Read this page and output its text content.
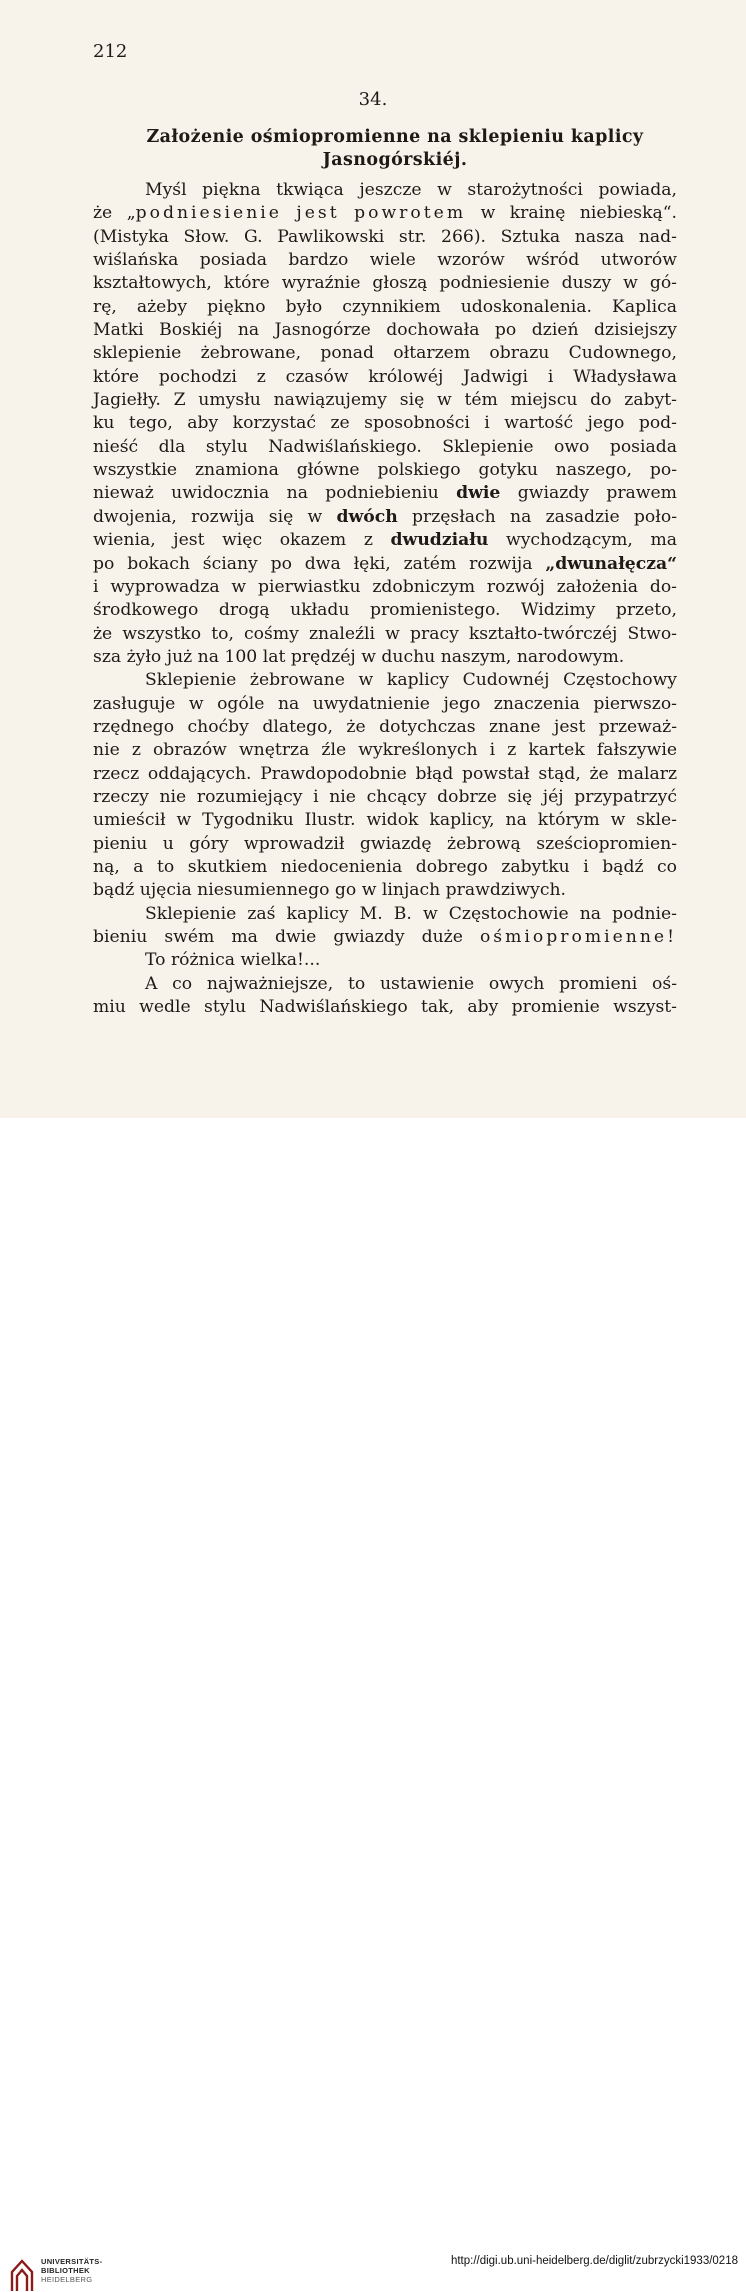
212
34.
Założenie ośmiopromienne na sklepieniu kaplicy
Jasnogórskiéj.
Myśl piękna tkwiąca jeszcze w starożytności powiada,
że „podniesienie jest powrotem w krainę niebieską“.
(Mistyka Słow. G. Pawlikowski str. 266). Sztuka nasza nad-
wiślańska posiada bardzo wiele wzorów wśród utworów
kształtowych, które wyraźnie głoszą podniesienie duszy w gó-
rę, ażeby piękno było czynnikiem udoskonalenia. Kaplica
Matki Boskiéj na Jasnogórze dochowała po dzień dzisiejszy
sklepienie żebrowane, ponad ołtarzem obrazu Cudownego,
które pochodzi z czasów królowéj Jadwigi i Władysława
Jagiełły. Z umysłu nawiązujemy się w tém miejscu do zabyt-
ku tego, aby korzystać ze sposobności i wartość jego pod-
nieść dla stylu Nadwiślańskiego. Sklepienie owo posiada
wszystkie znamiona główne polskiego gotyku naszego, po-
nieważ uwidocznia na podniebieniu dwie gwiazdy prawem
dwojenia, rozwija się w dwóch przęsłach na zasadzie poło-
wienia, jest więc okazem z dwudziału wychodzącym, ma
po bokach ściany po dwa łęki, zatém rozwija „dwunałęcza“
i wyprowadza w pierwiastku zdobniczym rozwój założenia do-
środkowego drogą układu promienistego. Widzimy przeto,
że wszystko to, cośmy znaleźli w pracy kształto-twórczéj Stwo-
sza żyło już na 100 lat prędzéj w duchu naszym, narodowym.
Sklepienie żebrowane w kaplicy Cudownéj Częstochowy
zasługuje w ogóle na uwydatnienie jego znaczenia pierwszo-
rzędnego choćby dlatego, że dotychczas znane jest przeważ-
nie z obrazów wnętrza źle wykreślonych i z kartek fałszywie
rzecz oddających. Prawdopodobnie błąd powstał stąd, że malarz
rzeczy nie rozumiejący i nie chcący dobrze się jéj przypatrzyć
umieścił w Tygodniku Ilustr. widok kaplicy, na którym w skle-
pieniu u góry wprowadził gwiazdę żebrową sześciopromien-
ną, a to skutkiem niedocenienia dobrego zabytku i bądź co
bądź ujęcia niesumiennego go w linjach prawdziwych.
Sklepienie zaś kaplicy M. B. w Częstochowie na podnie-
bieniu swém ma dwie gwiazdy duże ośmiopromienne!
To różnica wielka!...
A co najważniejsze, to ustawienie owych promieni oś-
miu wedle stylu Nadwiślańskiego tak, aby promienie wszyst-
UNIVERSITÄTS-
BIBLIOTHEK
HEIDELBERG
http://digi.ub.uni-heidelberg.de/diglit/zubrzycki1933/0218
